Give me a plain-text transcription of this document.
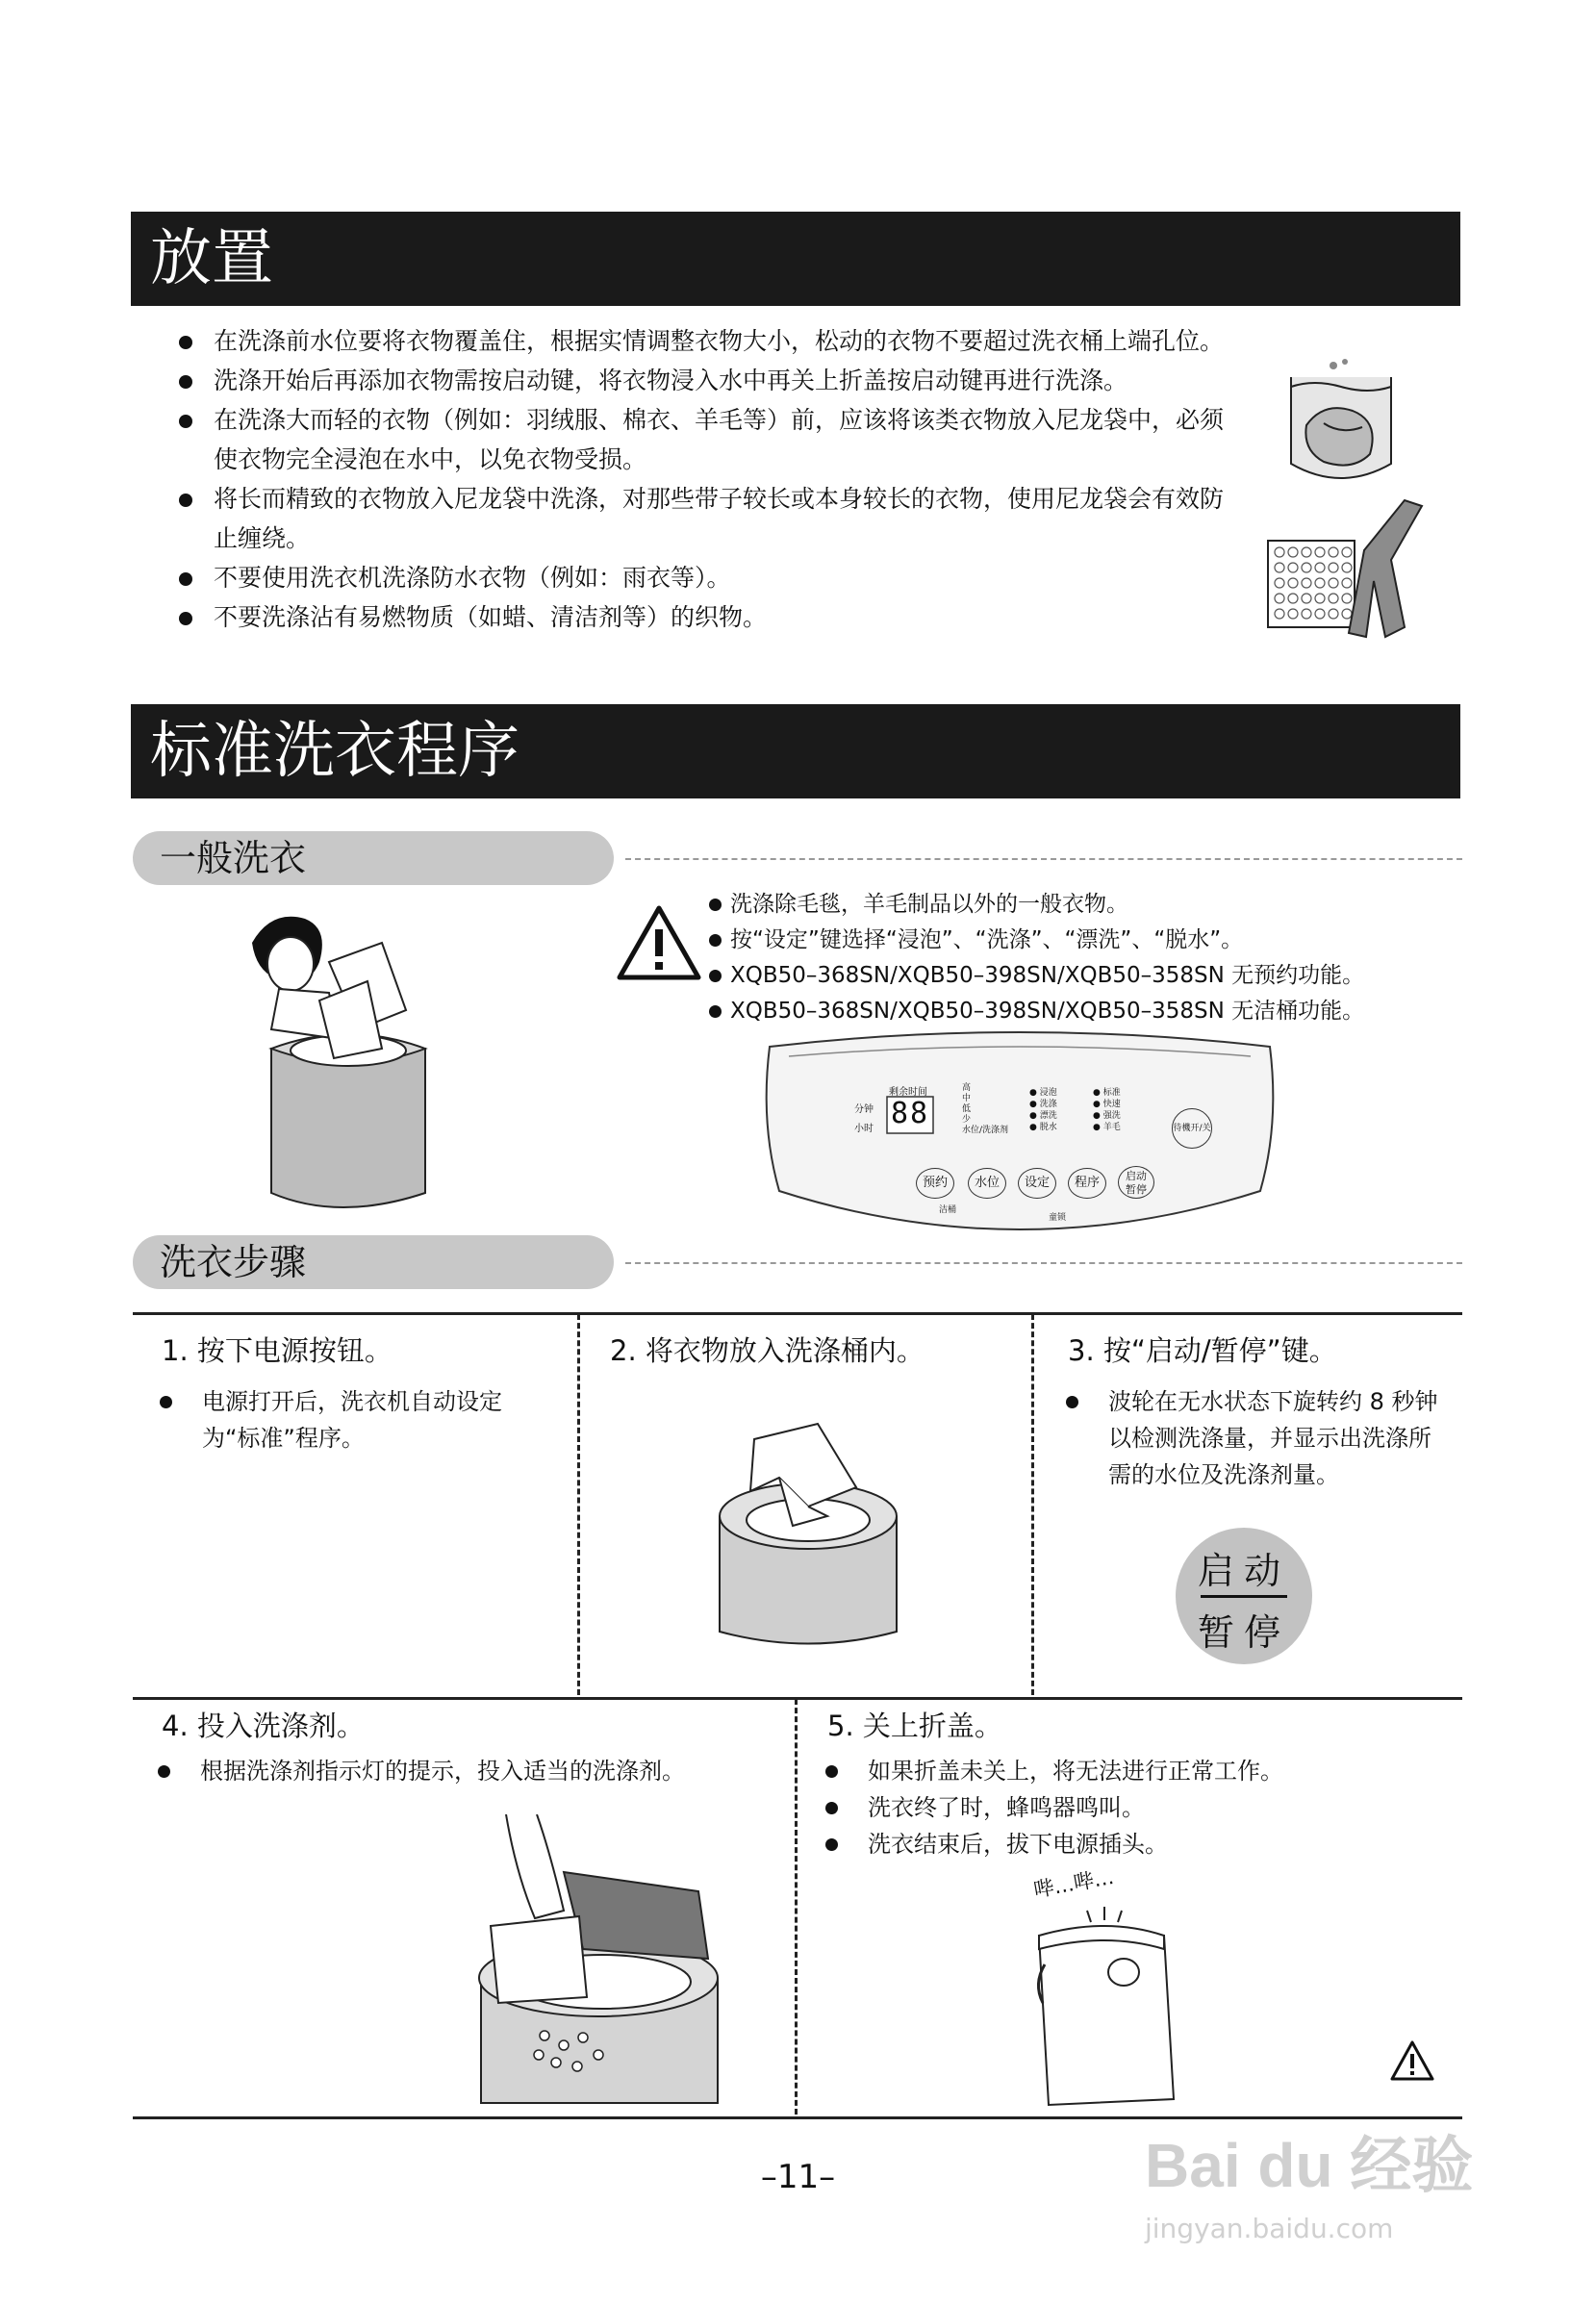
放置
在洗涤前水位要将衣物覆盖住，根据实情调整衣物大小，松动的衣物不要超过洗衣桶上端孔位。
洗涤开始后再添加衣物需按启动键，将衣物浸入水中再关上折盖按启动键再进行洗涤。
在洗涤大而轻的衣物（例如：羽绒服、棉衣、羊毛等）前，应该将该类衣物放入尼龙袋中，必须使衣物完全浸泡在水中，以免衣物受损。
将长而精致的衣物放入尼龙袋中洗涤，对那些带子较长或本身较长的衣物，使用尼龙袋会有效防止缠绕。
不要使用洗衣机洗涤防水衣物（例如：雨衣等）。
不要洗涤沾有易燃物质（如蜡、清洁剂等）的织物。
标准洗衣程序
一般洗衣
洗涤除毛毯，羊毛制品以外的一般衣物。
按“设定”键选择“浸泡”、“洗涤”、“漂洗”、“脱水”。
XQB50–368SN/XQB50–398SN/XQB50–358SN 无预约功能。
XQB50–368SN/XQB50–398SN/XQB50–358SN 无洁桶功能。
分钟
小时
剩余时间
88
高
中
低
少
水位/洗涤剂
● 浸泡
● 洗涤
● 漂洗
● 脱水
● 标准
● 快速
● 强洗
● 羊毛	待機开/关
预约	水位	设定	程序	启动
暂停
洁桶
童锁
洗衣步骤
1. 按下电源按钮。
电源打开后，洗衣机自动设定为“标准”程序。
2. 将衣物放入洗涤桶内。	3. 按“启动/暂停”键。
波轮在无水状态下旋转约 8 秒钟以检测洗涤量，并显示出洗涤所需的水位及洗涤剂量。
启动
暂停
4. 投入洗涤剂。
根据洗涤剂指示灯的提示，投入适当的洗涤剂。
5. 关上折盖。
如果折盖未关上，将无法进行正常工作。
洗衣终了时，蜂鸣器鸣叫。
洗衣结束后，拔下电源插头。
哔…哔…
–11–	Bai du 经验
jingyan.baidu.com
